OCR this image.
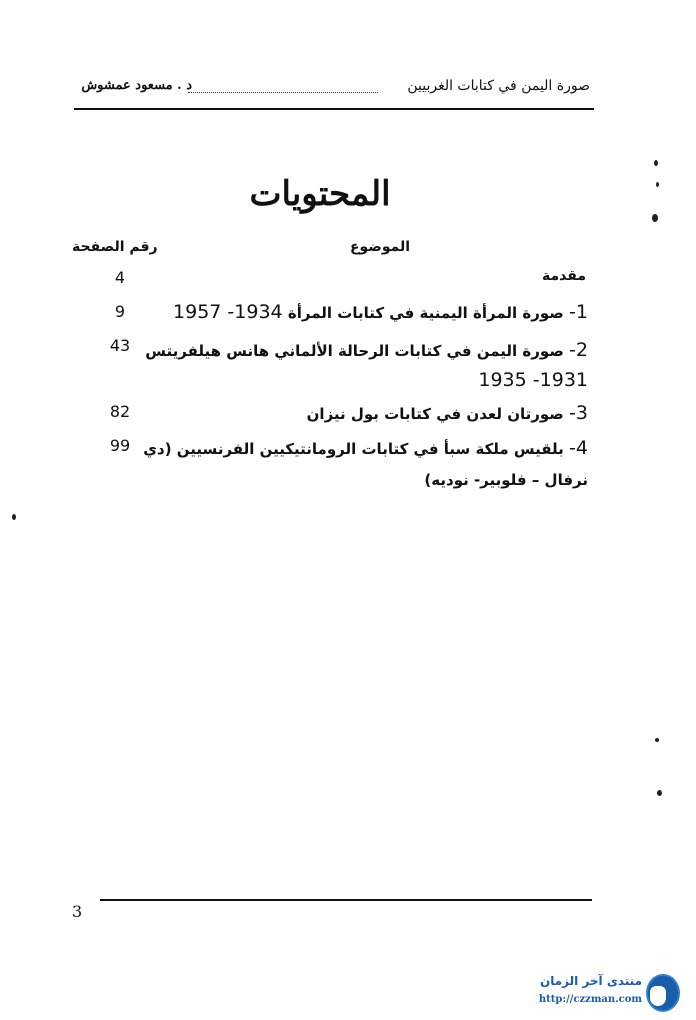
صورة اليمن في كتابات الغربيين
د . مسعود عمشوش
المحتويات
الموضوع
رقم الصفحة
مقدمة
4
1- صورة المرأة اليمنية في كتابات المرأة 1934- 1957
9
2- صورة اليمن في كتابات الرحالة الألماني هانس هيلفريتس
1931- 1935
43
3- صورتان لعدن في كتابات بول نيزان
82
4- بلقيس ملكة سبأ في كتابات الرومانتيكيين الفرنسيين (دي
نرفال – فلوبير- نوديه)
99
3
منتدى آخر الزمان
http://czzman.com
